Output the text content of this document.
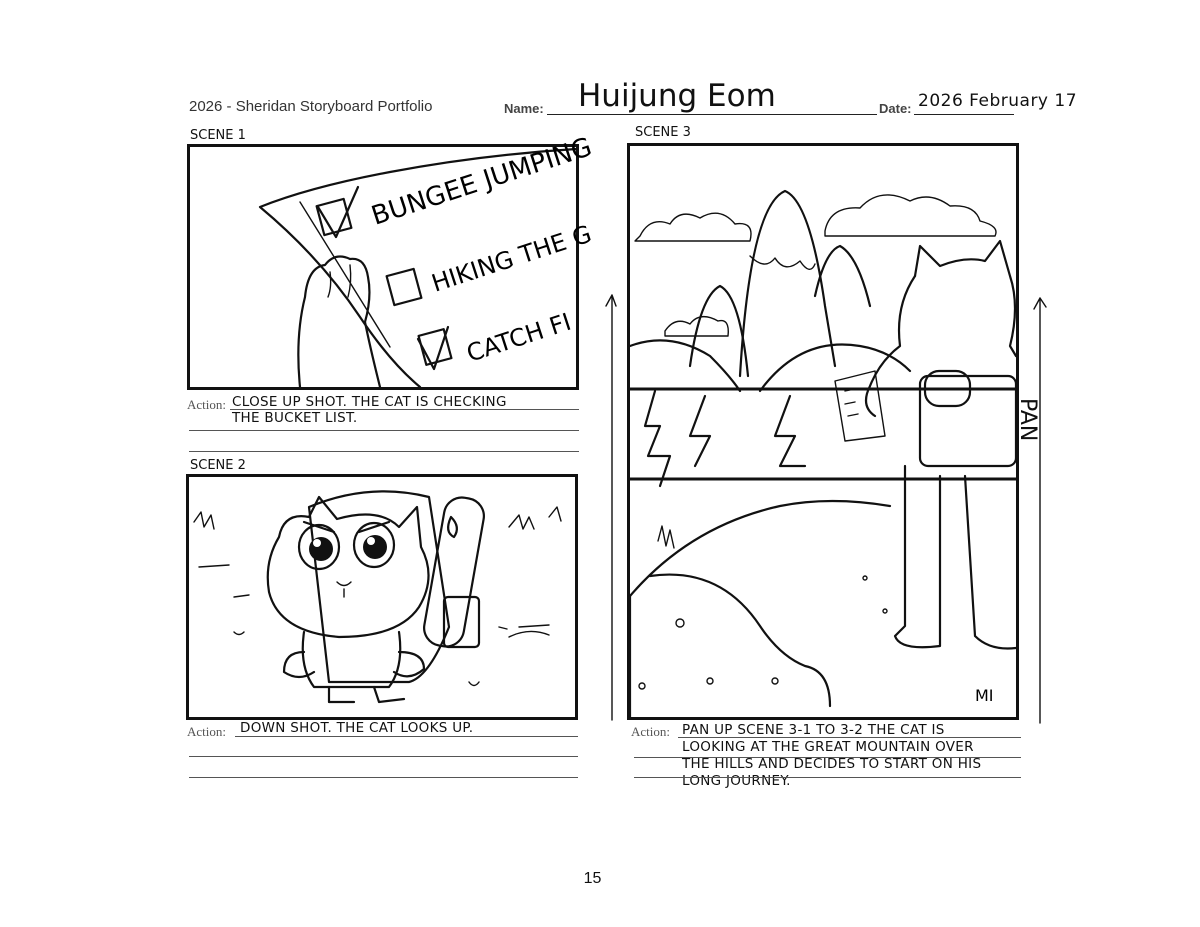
2026 - Sheridan Storyboard Portfolio	Name: Huijung Eom	Date: 2026 February 17
SCENE 1	BUNGEE JUMPING
HIKING THE G
CATCH FI
Action: CLOSE UP SHOT. THE CAT IS CHECKING
THE BUCKET LIST.
SCENE 2
Action: DOWN SHOT. THE CAT LOOKS UP.
SCENE 3
MI
PAN
Action: PAN UP SCENE 3-1 TO 3-2 THE CAT IS
LOOKING AT THE GREAT MOUNTAIN OVER
THE HILLS AND DECIDES TO START ON HIS
LONG JOURNEY.
15
